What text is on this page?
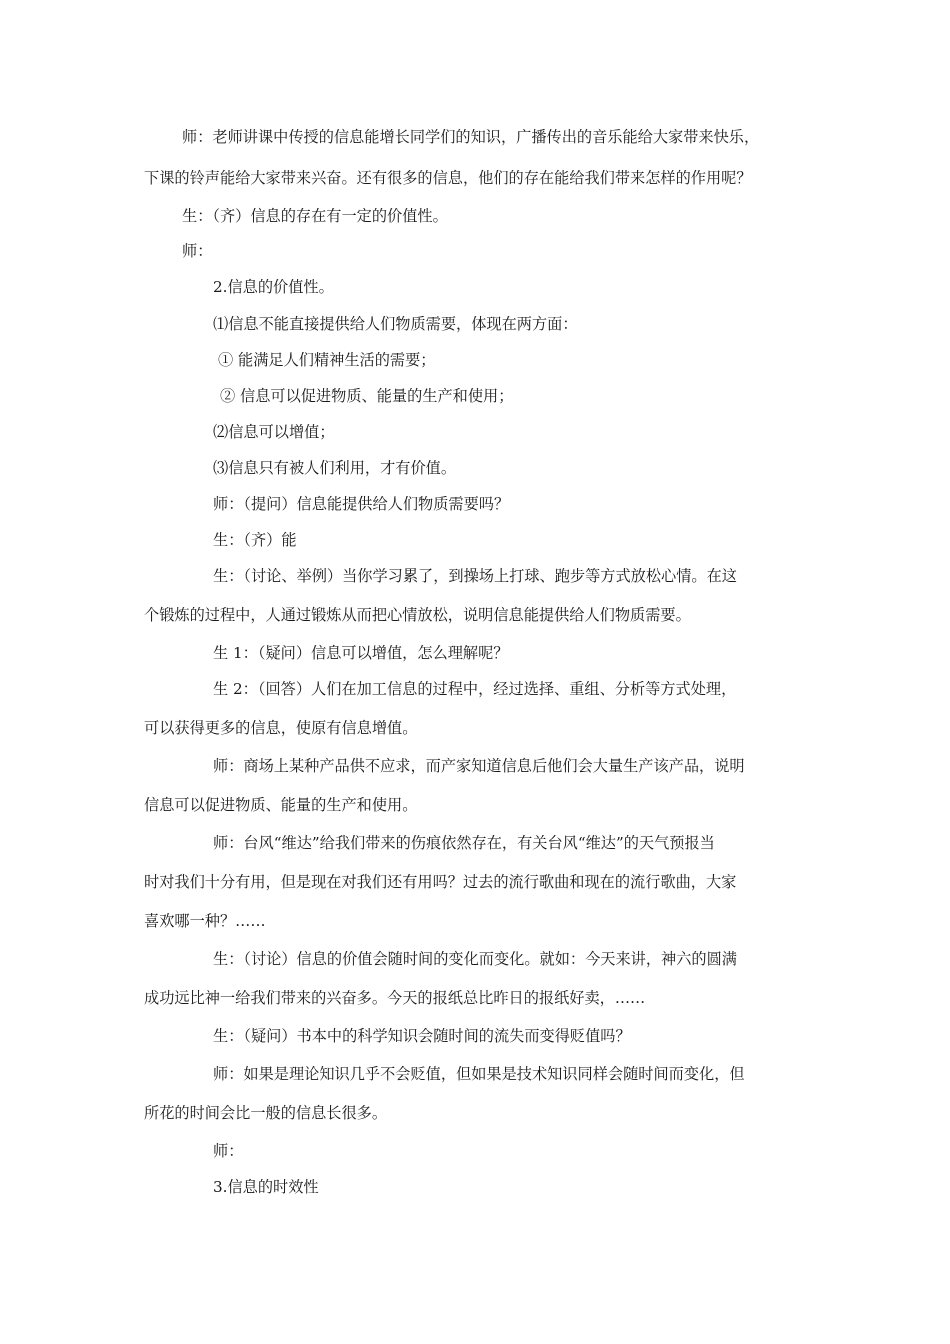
师：老师讲课中传授的信息能增长同学们的知识，广播传出的音乐能给大家带来快乐，
下课的铃声能给大家带来兴奋。还有很多的信息，他们的存在能给我们带来怎样的作用呢？
生：（齐）信息的存在有一定的价值性。
师：
2.信息的价值性。
⑴信息不能直接提供给人们物质需要，体现在两方面：
① 能满足人们精神生活的需要；
② 信息可以促进物质、能量的生产和使用；
⑵信息可以增值；
⑶信息只有被人们利用，才有价值。
师：（提问）信息能提供给人们物质需要吗？
生：（齐）能
生：（讨论、举例）当你学习累了，到操场上打球、跑步等方式放松心情。在这
个锻炼的过程中，人通过锻炼从而把心情放松，说明信息能提供给人们物质需要。
生 1：（疑问）信息可以增值，怎么理解呢？
生 2：（回答）人们在加工信息的过程中，经过选择、重组、分析等方式处理，
可以获得更多的信息，使原有信息增值。
师：商场上某种产品供不应求，而产家知道信息后他们会大量生产该产品，说明
信息可以促进物质、能量的生产和使用。
师：台风“维达”给我们带来的伤痕依然存在，有关台风“维达”的天气预报当
时对我们十分有用，但是现在对我们还有用吗？过去的流行歌曲和现在的流行歌曲，大家
喜欢哪一种？……
生：（讨论）信息的价值会随时间的变化而变化。就如：今天来讲，神六的圆满
成功远比神一给我们带来的兴奋多。今天的报纸总比昨日的报纸好卖，……
生：（疑问）书本中的科学知识会随时间的流失而变得贬值吗？
师：如果是理论知识几乎不会贬值，但如果是技术知识同样会随时间而变化，但
所花的时间会比一般的信息长很多。
师：
3.信息的时效性
